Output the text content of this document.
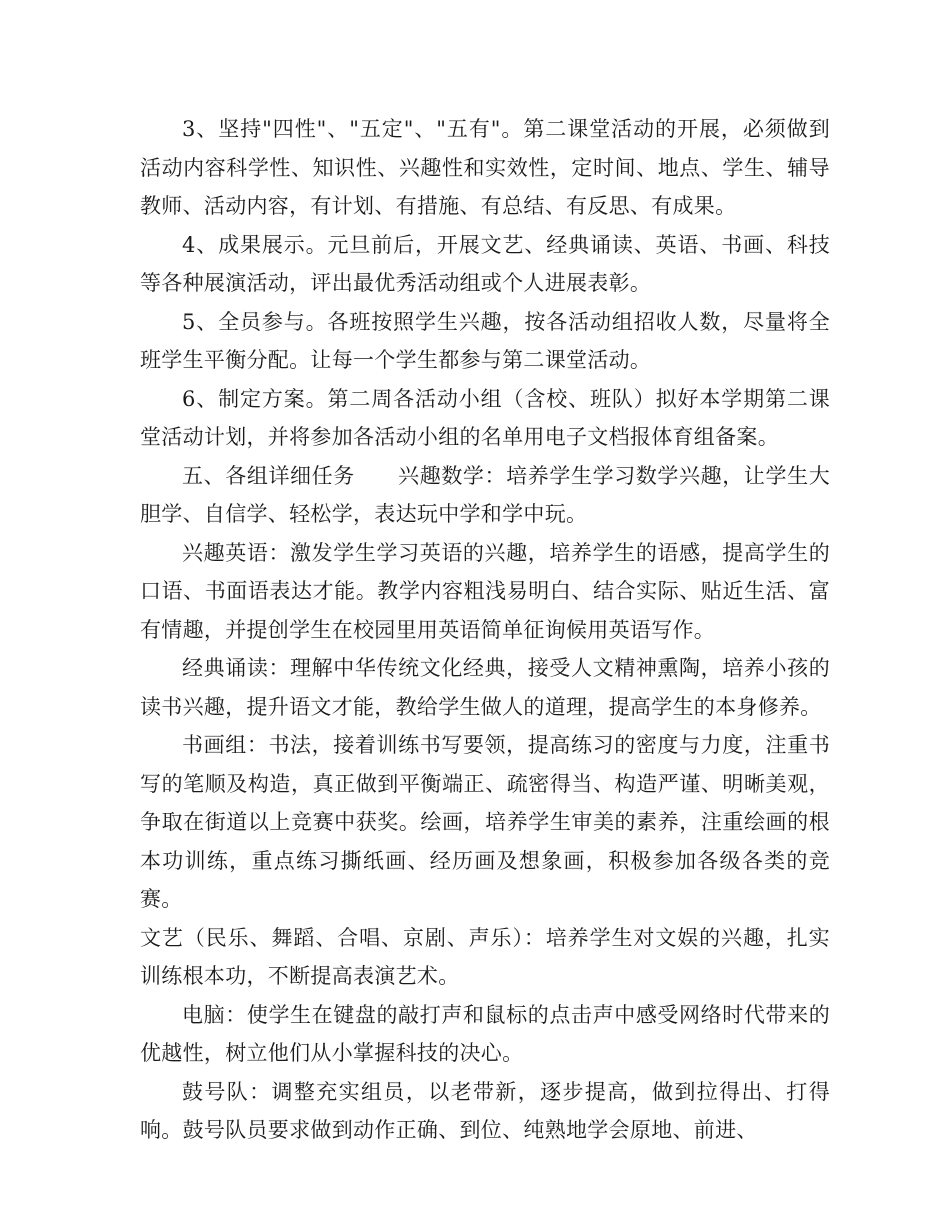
3、坚持"四性"、"五定"、"五有"。第二课堂活动的开展，必须做到活动内容科学性、知识性、兴趣性和实效性，定时间、地点、学生、辅导教师、活动内容，有计划、有措施、有总结、有反思、有成果。

4、成果展示。元旦前后，开展文艺、经典诵读、英语、书画、科技等各种展演活动，评出最优秀活动组或个人进展表彰。

5、全员参与。各班按照学生兴趣，按各活动组招收人数，尽量将全班学生平衡分配。让每一个学生都参与第二课堂活动。

6、制定方案。第二周各活动小组（含校、班队）拟好本学期第二课堂活动计划，并将参加各活动小组的名单用电子文档报体育组备案。

五、各组详细任务　　兴趣数学：培养学生学习数学兴趣，让学生大胆学、自信学、轻松学，表达玩中学和学中玩。

兴趣英语：激发学生学习英语的兴趣，培养学生的语感，提高学生的口语、书面语表达才能。教学内容粗浅易明白、结合实际、贴近生活、富有情趣，并提创学生在校园里用英语简单征询候用英语写作。

经典诵读：理解中华传统文化经典，接受人文精神熏陶，培养小孩的读书兴趣，提升语文才能，教给学生做人的道理，提高学生的本身修养。

书画组：书法，接着训练书写要领，提高练习的密度与力度，注重书写的笔顺及构造，真正做到平衡端正、疏密得当、构造严谨、明晰美观，争取在街道以上竞赛中获奖。绘画，培养学生审美的素养，注重绘画的根本功训练，重点练习撕纸画、经历画及想象画，积极参加各级各类的竞赛。

文艺（民乐、舞蹈、合唱、京剧、声乐）：培养学生对文娱的兴趣，扎实训练根本功，不断提高表演艺术。

电脑：使学生在键盘的敲打声和鼠标的点击声中感受网络时代带来的优越性，树立他们从小掌握科技的决心。

鼓号队：调整充实组员，以老带新，逐步提高，做到拉得出、打得响。鼓号队员要求做到动作正确、到位、纯熟地学会原地、前进、
